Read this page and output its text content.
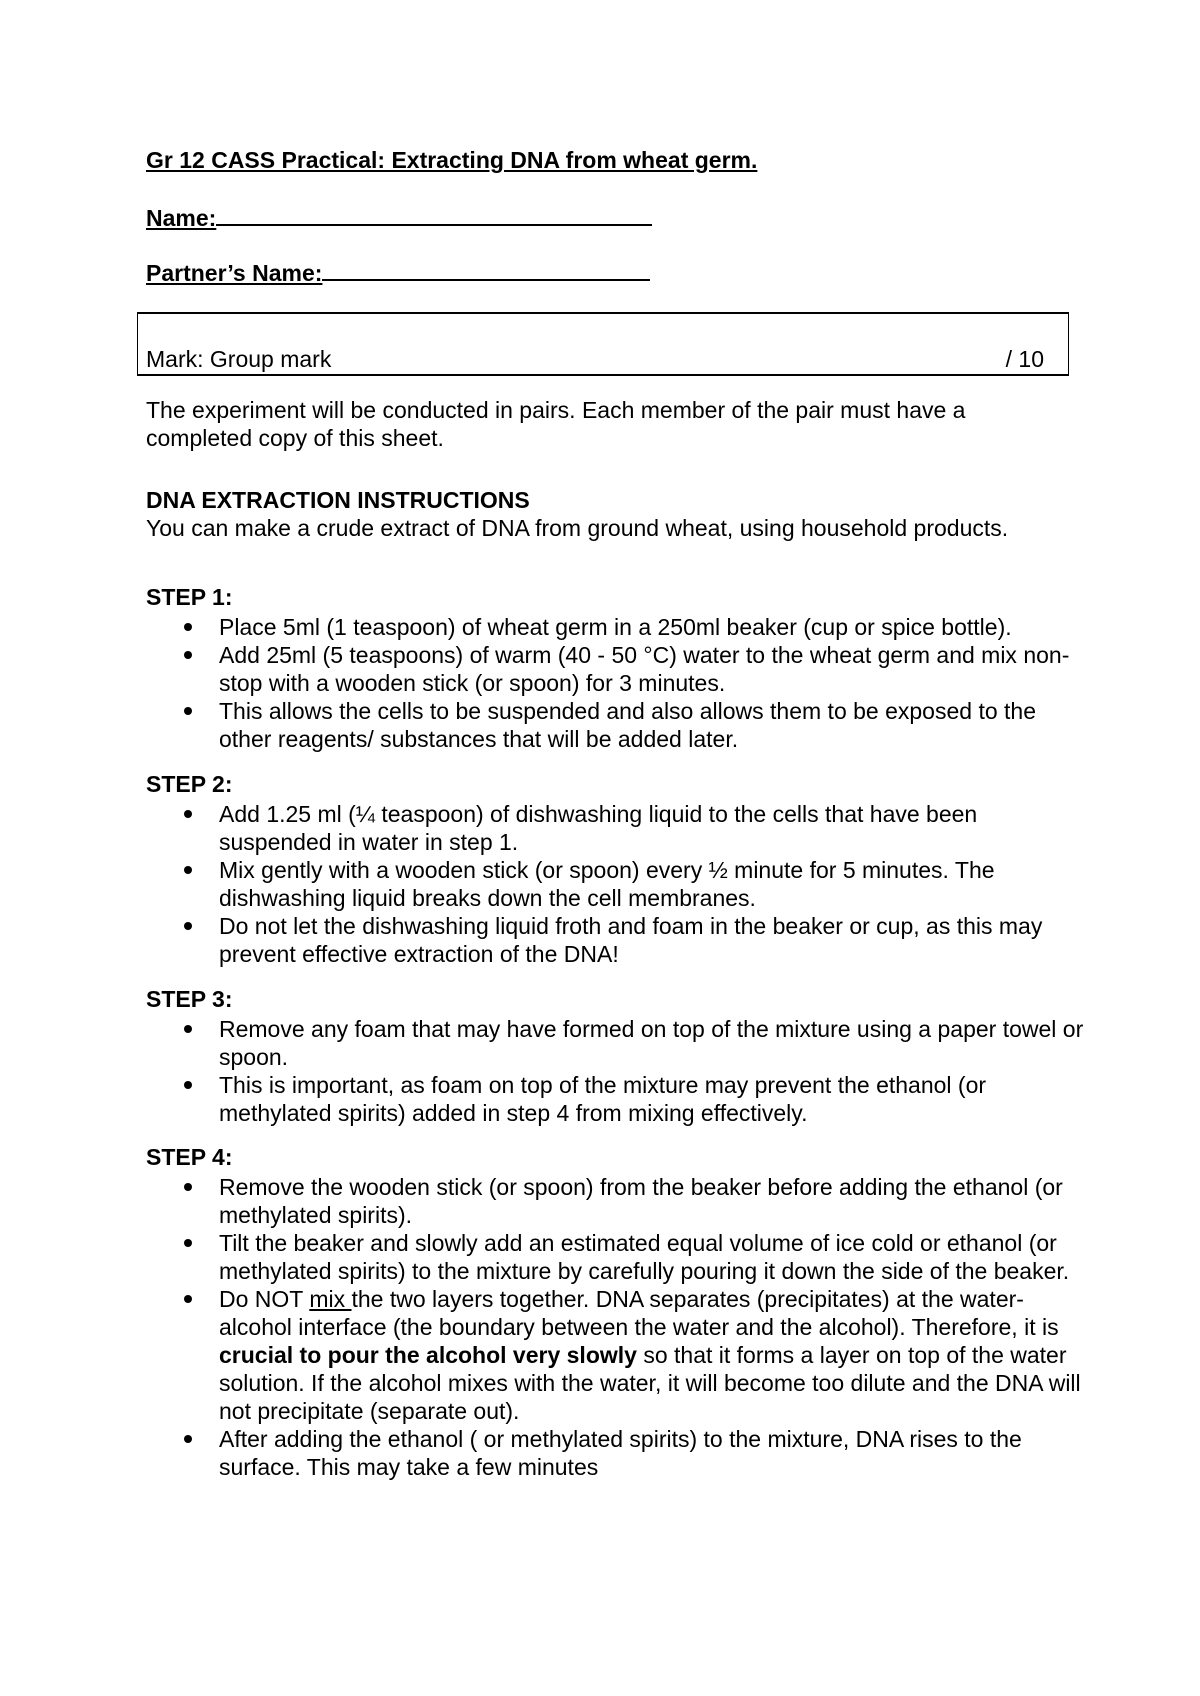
Gr 12 CASS Practical: Extracting DNA from wheat germ.
Name:
Partner’s Name:
Mark: Group mark	/ 10
The experiment will be conducted in pairs. Each member of the pair must have a completed copy of this sheet.
DNA EXTRACTION INSTRUCTIONS
You can make a crude extract of DNA from ground wheat, using household products.
STEP 1:
Place 5ml (1 teaspoon) of wheat germ in a 250ml beaker (cup or spice bottle).
Add 25ml (5 teaspoons) of warm (40 - 50 °C) water to the wheat germ and mix non-stop with a wooden stick (or spoon) for 3 minutes.
This allows the cells to be suspended and also allows them to be exposed to the other reagents/ substances that will be added later.
STEP 2:
Add 1.25 ml (¼ teaspoon) of dishwashing liquid to the cells that have been suspended in water in step 1.
Mix gently with a wooden stick (or spoon) every ½ minute for 5 minutes. The dishwashing liquid breaks down the cell membranes.
Do not let the dishwashing liquid froth and foam in the beaker or cup, as this may prevent effective extraction of the DNA!
STEP 3:
Remove any foam that may have formed on top of the mixture using a paper towel or spoon.
This is important, as foam on top of the mixture may prevent the ethanol (or methylated spirits) added in step 4 from mixing effectively.
STEP 4:
Remove the wooden stick (or spoon) from the beaker before adding the ethanol (or methylated spirits).
Tilt the beaker and slowly add an estimated equal volume of ice cold or ethanol (or methylated spirits) to the mixture by carefully pouring it down the side of the beaker.
Do NOT mix the two layers together. DNA separates (precipitates) at the water-alcohol interface (the boundary between the water and the alcohol). Therefore, it is crucial to pour the alcohol very slowly so that it forms a layer on top of the water solution. If the alcohol mixes with the water, it will become too dilute and the DNA will not precipitate (separate out).
After adding the ethanol ( or methylated spirits) to the mixture, DNA rises to the surface. This may take a few minutes
